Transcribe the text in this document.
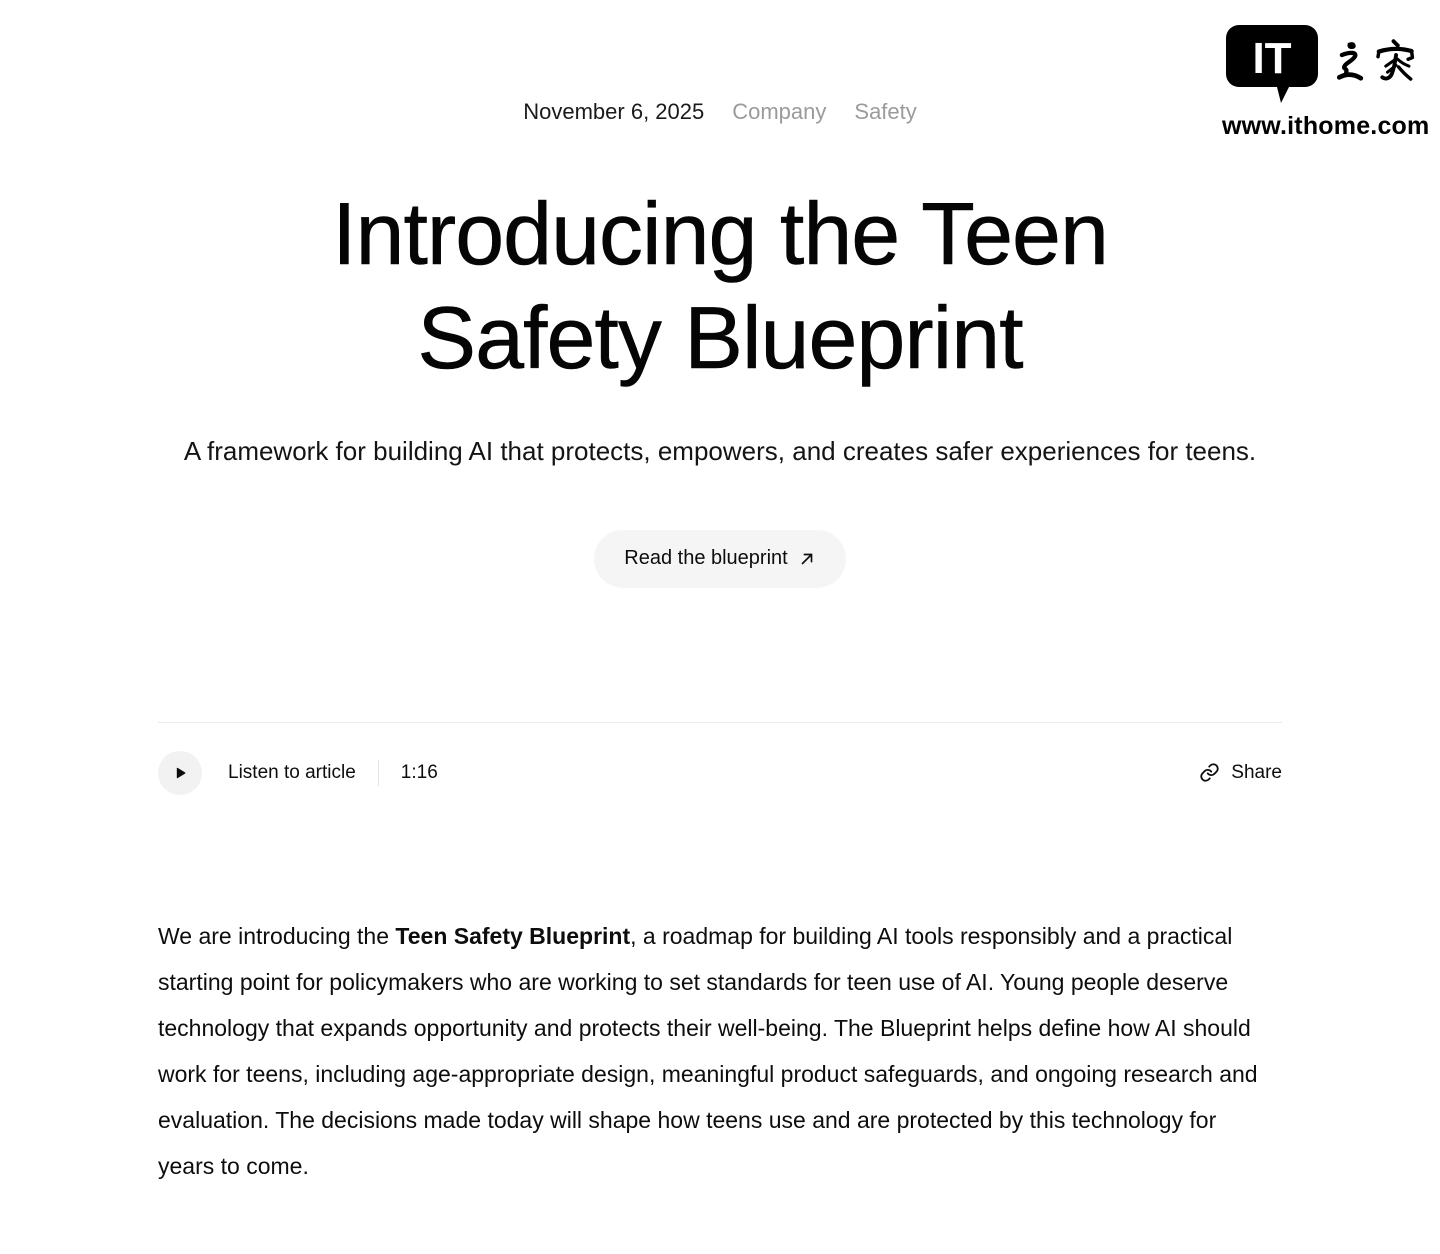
IT
www.ithome.com
November 6, 2025 Company Safety
Introducing the Teen Safety Blueprint

A framework for building AI that protects, empowers, and creates safer experiences for teens.

Read the blueprint
Listen to article 1:16	Share

We are introducing the Teen Safety Blueprint, a roadmap for building AI tools responsibly and a practical starting point for policymakers who are working to set standards for teen use of AI. Young people deserve technology that expands opportunity and protects their well-being. The Blueprint helps define how AI should work for teens, including age-appropriate design, meaningful product safeguards, and ongoing research and evaluation. The decisions made today will shape how teens use and are protected by this technology for years to come.
